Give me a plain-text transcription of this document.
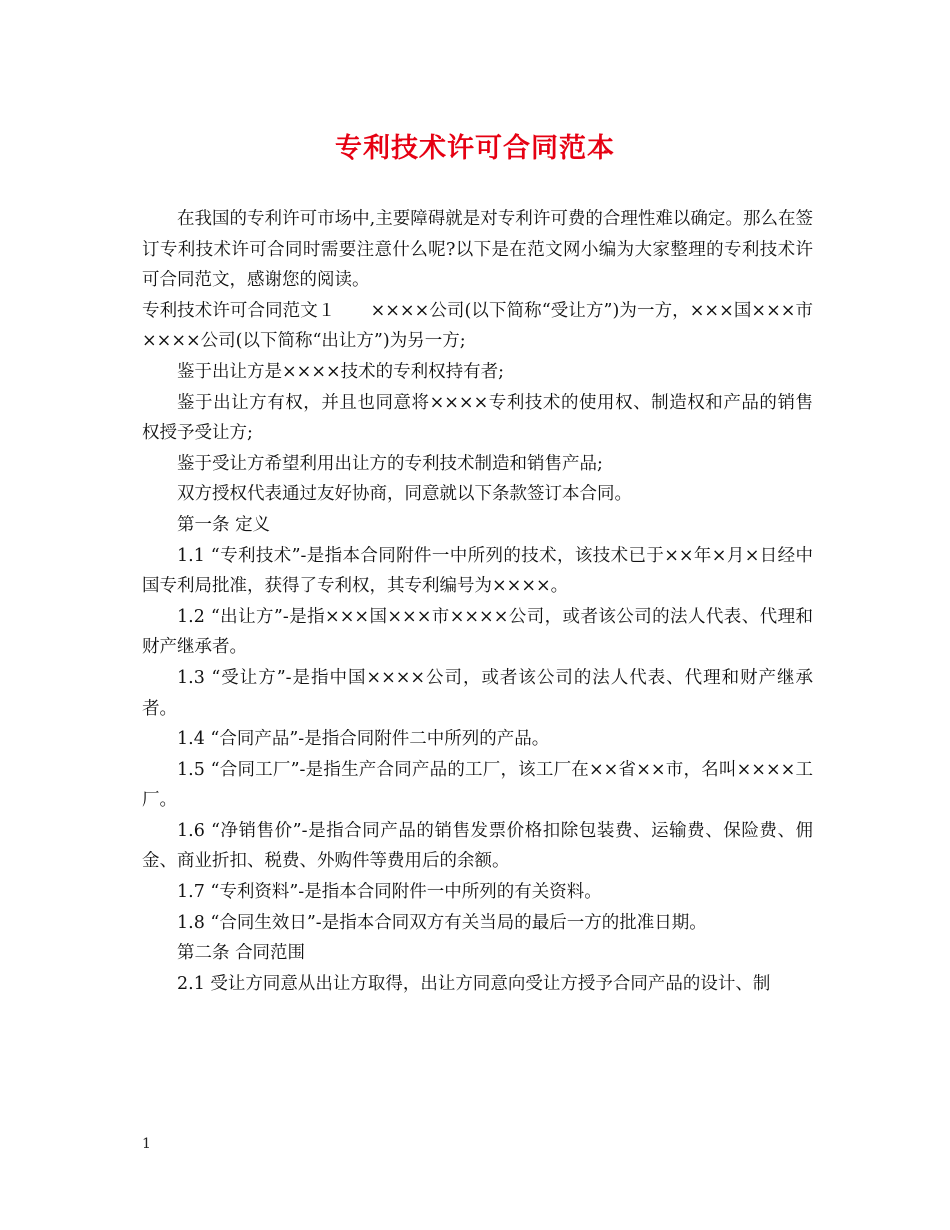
专利技术许可合同范本

在我国的专利许可市场中,主要障碍就是对专利许可费的合理性难以确定。那么在签订专利技术许可合同时需要注意什么呢?以下是在范文网小编为大家整理的专利技术许可合同范文，感谢您的阅读。

专利技术许可合同范文１　　××××公司(以下简称“受让方”)为一方，×××国×××市××××公司(以下简称“出让方”)为另一方;

鉴于出让方是××××技术的专利权持有者;

鉴于出让方有权，并且也同意将××××专利技术的使用权、制造权和产品的销售权授予受让方;

鉴于受让方希望利用出让方的专利技术制造和销售产品;

双方授权代表通过友好协商，同意就以下条款签订本合同。

第一条 定义

1.1 “专利技术”-是指本合同附件一中所列的技术，该技术已于××年×月×日经中国专利局批准，获得了专利权，其专利编号为××××。

1.2 “出让方”-是指×××国×××市××××公司，或者该公司的法人代表、代理和财产继承者。

1.3 “受让方”-是指中国××××公司，或者该公司的法人代表、代理和财产继承者。

1.4 “合同产品”-是指合同附件二中所列的产品。

1.5 “合同工厂”-是指生产合同产品的工厂，该工厂在××省××市，名叫××××工厂。

1.6 “净销售价”-是指合同产品的销售发票价格扣除包装费、运输费、保险费、佣金、商业折扣、税费、外购件等费用后的余额。

1.7 “专利资料”-是指本合同附件一中所列的有关资料。

1.8 “合同生效日”-是指本合同双方有关当局的最后一方的批准日期。

第二条 合同范围

2.1 受让方同意从出让方取得，出让方同意向受让方授予合同产品的设计、制

1
